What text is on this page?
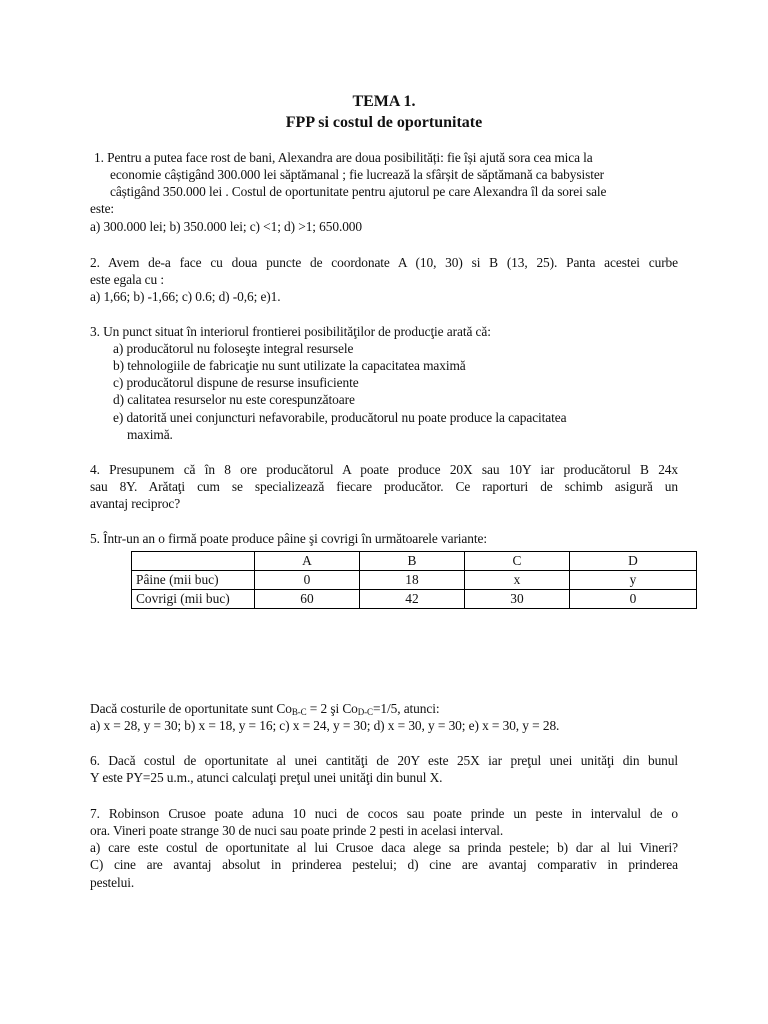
TEMA 1.
FPP si costul de oportunitate
1. Pentru a putea face rost de bani, Alexandra are doua posibilități: fie își ajută sora cea mica la
economie câștigând 300.000 lei săptămanal ; fie lucrează la sfârșit de săptămană ca babysister
câștigând 350.000 lei . Costul de oportunitate pentru ajutorul pe care Alexandra îl da sorei sale
este:
a) 300.000 lei; b) 350.000 lei; c) <1; d) >1; 650.000
2. Avem de-a face cu doua puncte de coordonate A (10, 30) si B (13, 25). Panta acestei curbe
este egala cu :
a) 1,66; b) -1,66; c) 0.6; d) -0,6; e)1.
3. Un punct situat în interiorul frontierei posibilităţilor de producţie arată că:
a) producătorul nu foloseşte integral resursele
b) tehnologiile de fabricaţie nu sunt utilizate la capacitatea maximă
c) producătorul dispune de resurse insuficiente
d) calitatea resurselor nu este corespunzătoare
e) datorită unei conjuncturi nefavorabile, producătorul nu poate produce la capacitatea
maximă.
4. Presupunem că în 8 ore producătorul A poate produce 20X sau 10Y iar producătorul B 24x
sau 8Y. Arătaţi cum se specializează fiecare producător. Ce raporturi de schimb asigură un
avantaj reciproc?
5. Într-un an o firmă poate produce pâine şi covrigi în următoarele variante:
	A	B	C	D
Pâine (mii buc)	0	18	x	y
Covrigi (mii buc)	60	42	30	0
Dacă costurile de oportunitate sunt $Co_{B-C} = 2$ şi $Co_{D-C}=1/5$, atunci:
a) x = 28, y = 30; b) x = 18, y = 16; c) x = 24, y = 30; d) x = 30, y = 30; e) x = 30, y = 28.
6. Dacă costul de oportunitate al unei cantităţi de 20Y este 25X iar preţul unei unităţi din bunul
Y este PY=25 u.m., atunci calculaţi preţul unei unităţi din bunul X.
7. Robinson Crusoe poate aduna 10 nuci de cocos sau poate prinde un peste in intervalul de o
ora. Vineri poate strange 30 de nuci sau poate prinde 2 pesti in acelasi interval.
a) care este costul de oportunitate al lui Crusoe daca alege sa prinda pestele; b) dar al lui Vineri?
C) cine are avantaj absolut in prinderea pestelui; d) cine are avantaj comparativ in prinderea
pestelui.
